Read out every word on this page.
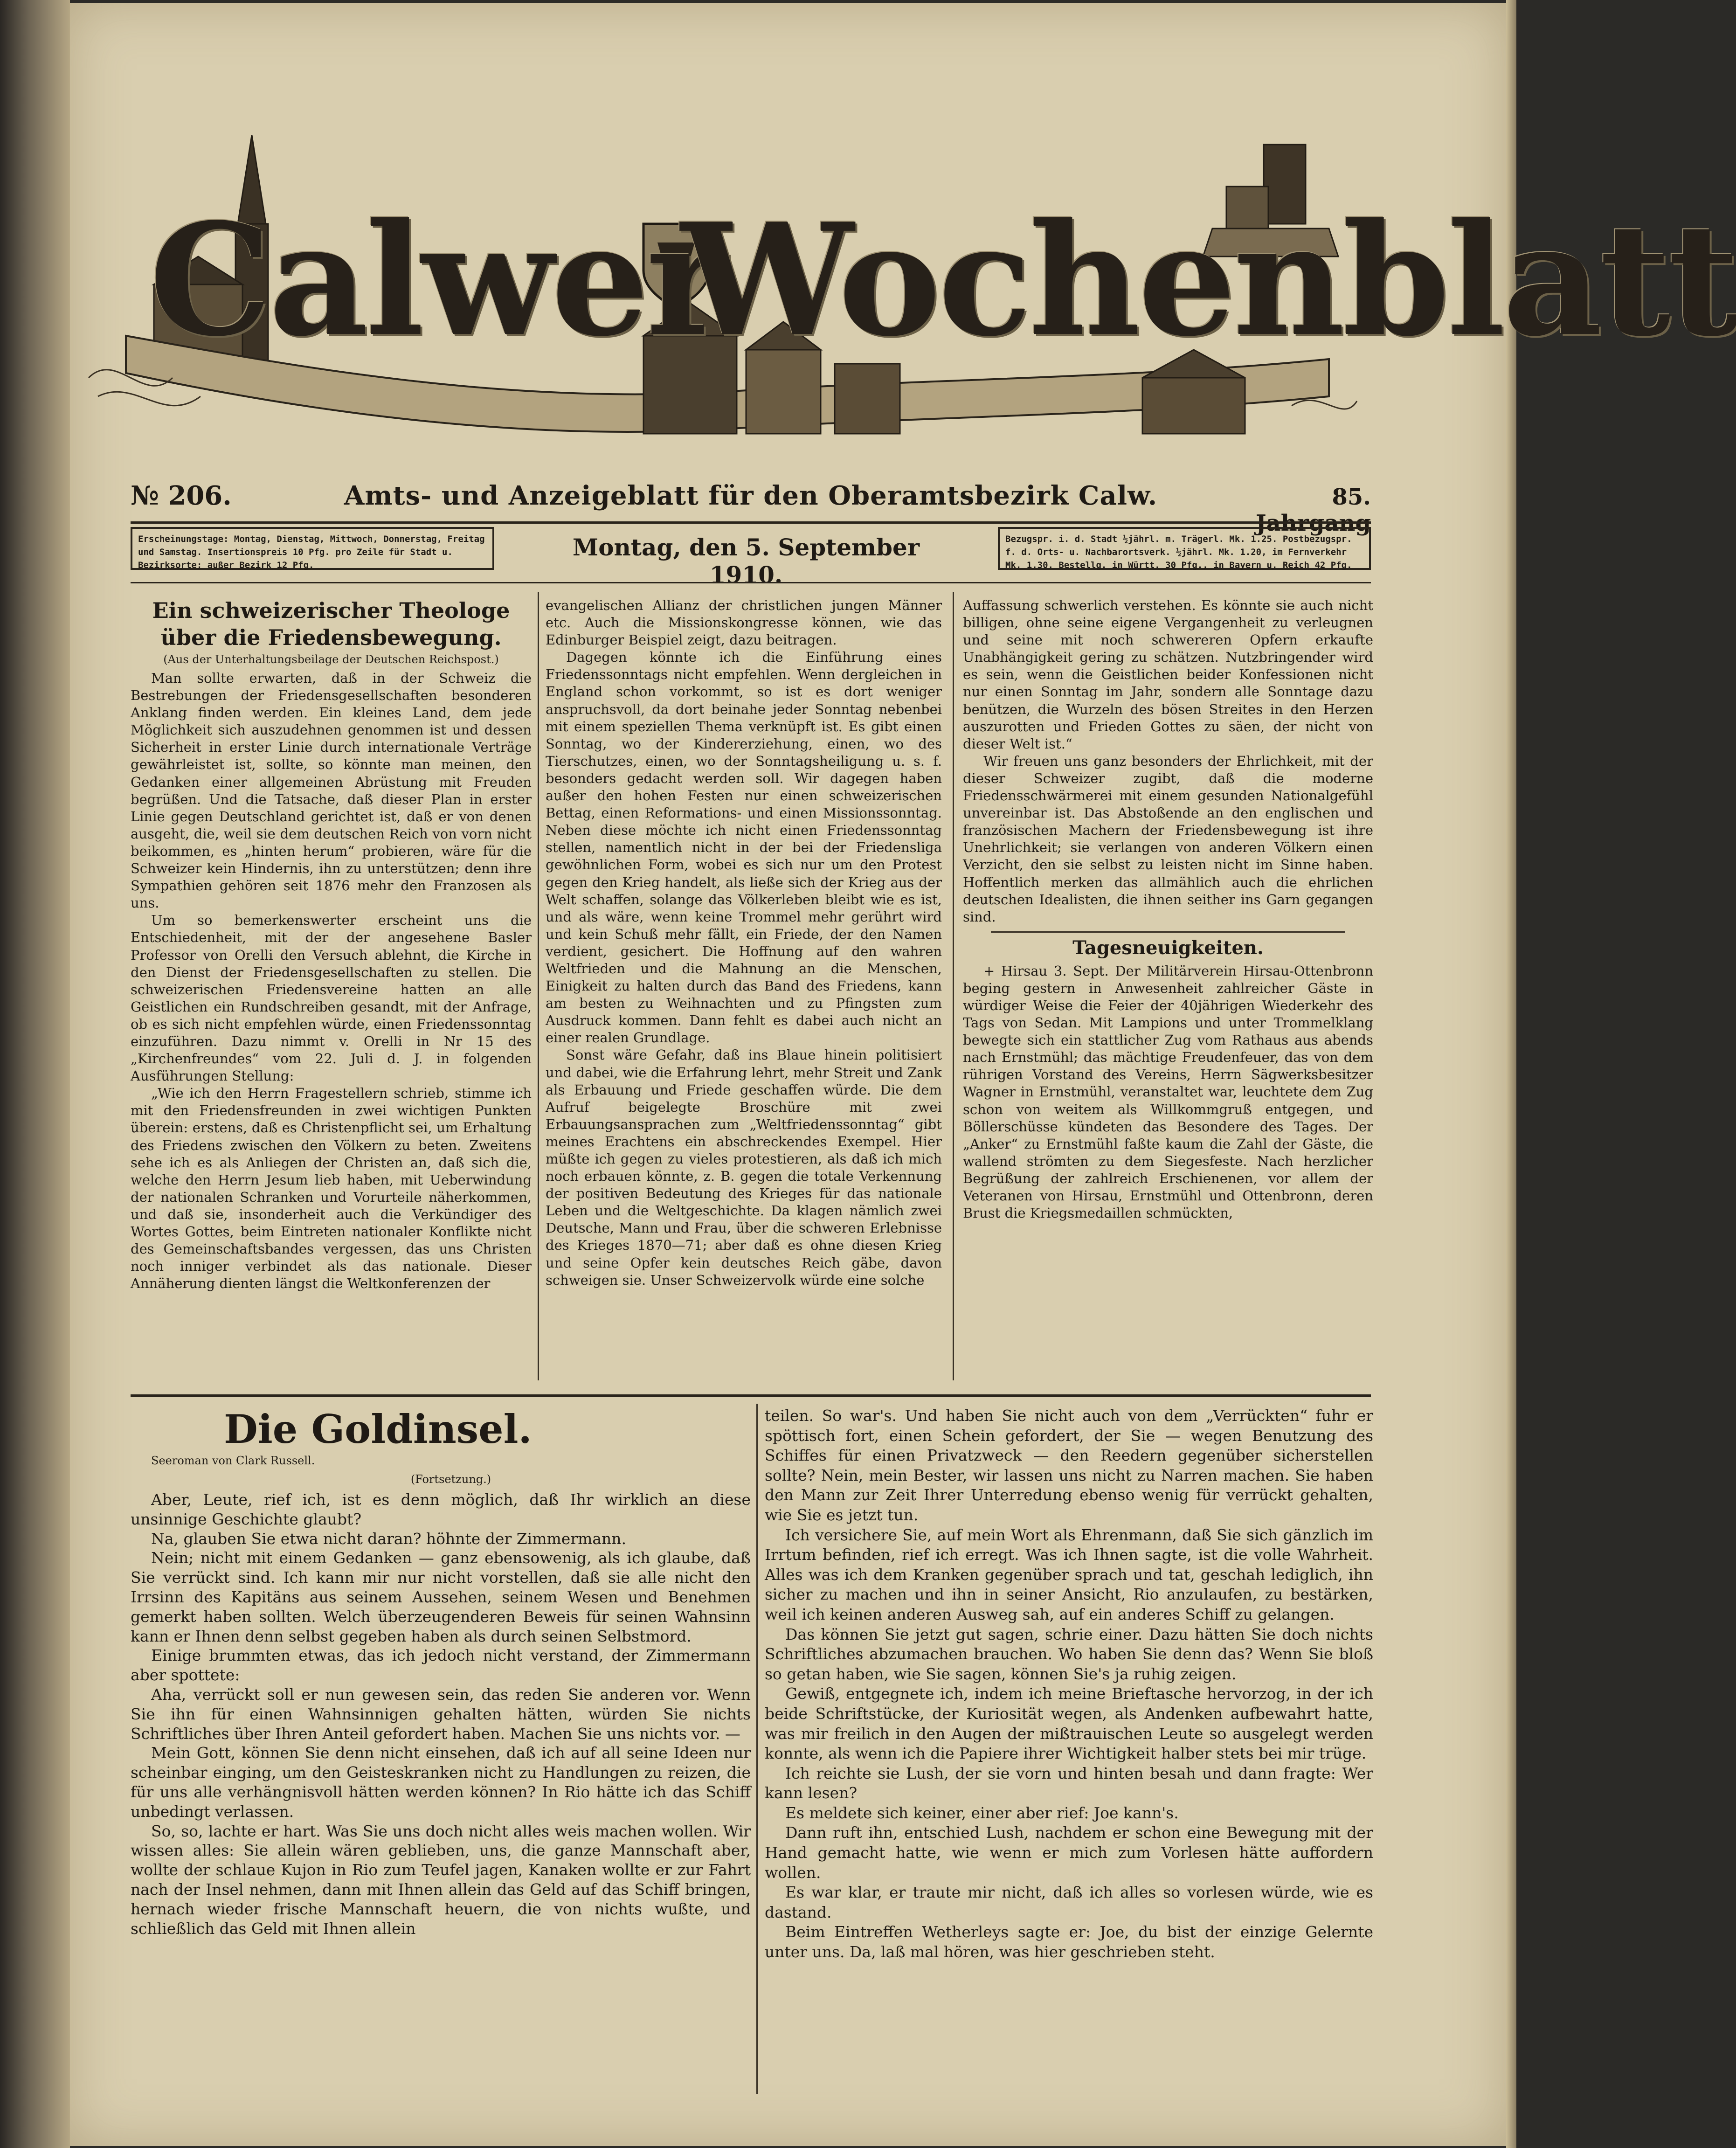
Calwer
Wochenblatt
№ 206.	Amts- und Anzeigeblatt für den Oberamtsbezirk Calw.	85. Jahrgang
Erscheinungstage: Montag, Dienstag, Mittwoch, Donnerstag, Freitag und Samstag. Insertionspreis 10 Pfg. pro Zeile für Stadt u. Bezirksorte; außer Bezirk 12 Pfg.
Montag, den 5. September 1910.
Bezugspr. i. d. Stadt ½jährl. m. Trägerl. Mk. 1.25. Postbezugspr. f. d. Orts- u. Nachbarortsverk. ½jährl. Mk. 1.20, im Fernverkehr Mk. 1.30. Bestellg. in Württ. 30 Pfg., in Bayern u. Reich 42 Pfg.
Ein schweizerischer Theologe über die Friedensbewegung.

(Aus der Unterhaltungsbeilage der Deutschen Reichspost.)

Man sollte erwarten, daß in der Schweiz die Bestrebungen der Friedensgesellschaften besonderen Anklang finden werden. Ein kleines Land, dem jede Möglichkeit sich auszudehnen genommen ist und dessen Sicherheit in erster Linie durch internationale Verträge gewährleistet ist, sollte, so könnte man meinen, den Gedanken einer allgemeinen Abrüstung mit Freuden begrüßen. Und die Tatsache, daß dieser Plan in erster Linie gegen Deutschland gerichtet ist, daß er von denen ausgeht, die, weil sie dem deutschen Reich von vorn nicht beikommen, es „hinten herum“ probieren, wäre für die Schweizer kein Hindernis, ihn zu unterstützen; denn ihre Sympathien gehören seit 1876 mehr den Franzosen als uns.

Um so bemerkenswerter erscheint uns die Entschiedenheit, mit der der angesehene Basler Professor von Orelli den Versuch ablehnt, die Kirche in den Dienst der Friedensgesellschaften zu stellen. Die schweizerischen Friedensvereine hatten an alle Geistlichen ein Rundschreiben gesandt, mit der Anfrage, ob es sich nicht empfehlen würde, einen Friedenssonntag einzuführen. Dazu nimmt v. Orelli in Nr 15 des „Kirchenfreundes“ vom 22. Juli d. J. in folgenden Ausführungen Stellung:

„Wie ich den Herrn Fragestellern schrieb, stimme ich mit den Friedensfreunden in zwei wichtigen Punkten überein: erstens, daß es Christenpflicht sei, um Erhaltung des Friedens zwischen den Völkern zu beten. Zweitens sehe ich es als Anliegen der Christen an, daß sich die, welche den Herrn Jesum lieb haben, mit Ueberwindung der nationalen Schranken und Vorurteile näherkommen, und daß sie, insonderheit auch die Verkündiger des Wortes Gottes, beim Eintreten nationaler Konflikte nicht des Gemeinschaftsbandes vergessen, das uns Christen noch inniger verbindet als das nationale. Dieser Annäherung dienten längst die Weltkonferenzen der

evangelischen Allianz der christlichen jungen Männer etc. Auch die Missionskongresse können, wie das Edinburger Beispiel zeigt, dazu beitragen.

Dagegen könnte ich die Einführung eines Friedenssonntags nicht empfehlen. Wenn dergleichen in England schon vorkommt, so ist es dort weniger anspruchsvoll, da dort beinahe jeder Sonntag nebenbei mit einem speziellen Thema verknüpft ist. Es gibt einen Sonntag, wo der Kindererziehung, einen, wo des Tierschutzes, einen, wo der Sonntagsheiligung u. s. f. besonders gedacht werden soll. Wir dagegen haben außer den hohen Festen nur einen schweizerischen Bettag, einen Reformations- und einen Missionssonntag. Neben diese möchte ich nicht einen Friedenssonntag stellen, namentlich nicht in der bei der Friedensliga gewöhnlichen Form, wobei es sich nur um den Protest gegen den Krieg handelt, als ließe sich der Krieg aus der Welt schaffen, solange das Völkerleben bleibt wie es ist, und als wäre, wenn keine Trommel mehr gerührt wird und kein Schuß mehr fällt, ein Friede, der den Namen verdient, gesichert. Die Hoffnung auf den wahren Weltfrieden und die Mahnung an die Menschen, Einigkeit zu halten durch das Band des Friedens, kann am besten zu Weihnachten und zu Pfingsten zum Ausdruck kommen. Dann fehlt es dabei auch nicht an einer realen Grundlage.

Sonst wäre Gefahr, daß ins Blaue hinein politisiert und dabei, wie die Erfahrung lehrt, mehr Streit und Zank als Erbauung und Friede geschaffen würde. Die dem Aufruf beigelegte Broschüre mit zwei Erbauungsansprachen zum „Weltfriedenssonntag“ gibt meines Erachtens ein abschreckendes Exempel. Hier müßte ich gegen zu vieles protestieren, als daß ich mich noch erbauen könnte, z. B. gegen die totale Verkennung der positiven Bedeutung des Krieges für das nationale Leben und die Weltgeschichte. Da klagen nämlich zwei Deutsche, Mann und Frau, über die schweren Erlebnisse des Krieges 1870—71; aber daß es ohne diesen Krieg und seine Opfer kein deutsches Reich gäbe, davon schweigen sie. Unser Schweizervolk würde eine solche

Auffassung schwerlich verstehen. Es könnte sie auch nicht billigen, ohne seine eigene Vergangenheit zu verleugnen und seine mit noch schwereren Opfern erkaufte Unabhängigkeit gering zu schätzen. Nutzbringender wird es sein, wenn die Geistlichen beider Konfessionen nicht nur einen Sonntag im Jahr, sondern alle Sonntage dazu benützen, die Wurzeln des bösen Streites in den Herzen auszurotten und Frieden Gottes zu säen, der nicht von dieser Welt ist.“

Wir freuen uns ganz besonders der Ehrlichkeit, mit der dieser Schweizer zugibt, daß die moderne Friedensschwärmerei mit einem gesunden Nationalgefühl unvereinbar ist. Das Abstoßende an den englischen und französischen Machern der Friedensbewegung ist ihre Unehrlichkeit; sie verlangen von anderen Völkern einen Verzicht, den sie selbst zu leisten nicht im Sinne haben. Hoffentlich merken das allmählich auch die ehrlichen deutschen Idealisten, die ihnen seither ins Garn gegangen sind.

Tagesneuigkeiten.

+ Hirsau 3. Sept. Der Militärverein Hirsau-Ottenbronn beging gestern in Anwesenheit zahlreicher Gäste in würdiger Weise die Feier der 40jährigen Wiederkehr des Tags von Sedan. Mit Lampions und unter Trommelklang bewegte sich ein stattlicher Zug vom Rathaus aus abends nach Ernstmühl; das mächtige Freudenfeuer, das von dem rührigen Vorstand des Vereins, Herrn Sägwerksbesitzer Wagner in Ernstmühl, veranstaltet war, leuchtete dem Zug schon von weitem als Willkommgruß entgegen, und Böllerschüsse kündeten das Besondere des Tages. Der „Anker“ zu Ernstmühl faßte kaum die Zahl der Gäste, die wallend strömten zu dem Siegesfeste. Nach herzlicher Begrüßung der zahlreich Erschienenen, vor allem der Veteranen von Hirsau, Ernstmühl und Ottenbronn, deren Brust die Kriegsmedaillen schmückten,

Die Goldinsel.

Seeroman von Clark Russell.

(Fortsetzung.)

Aber, Leute, rief ich, ist es denn möglich, daß Ihr wirklich an diese unsinnige Geschichte glaubt?

Na, glauben Sie etwa nicht daran? höhnte der Zimmermann.

Nein; nicht mit einem Gedanken — ganz ebensowenig, als ich glaube, daß Sie verrückt sind. Ich kann mir nur nicht vorstellen, daß sie alle nicht den Irrsinn des Kapitäns aus seinem Aussehen, seinem Wesen und Benehmen gemerkt haben sollten. Welch überzeugenderen Beweis für seinen Wahnsinn kann er Ihnen denn selbst gegeben haben als durch seinen Selbstmord.

Einige brummten etwas, das ich jedoch nicht verstand, der Zimmermann aber spottete:

Aha, verrückt soll er nun gewesen sein, das reden Sie anderen vor. Wenn Sie ihn für einen Wahnsinnigen gehalten hätten, würden Sie nichts Schriftliches über Ihren Anteil gefordert haben. Machen Sie uns nichts vor. —

Mein Gott, können Sie denn nicht einsehen, daß ich auf all seine Ideen nur scheinbar einging, um den Geisteskranken nicht zu Handlungen zu reizen, die für uns alle verhängnisvoll hätten werden können? In Rio hätte ich das Schiff unbedingt verlassen.

So, so, lachte er hart. Was Sie uns doch nicht alles weis machen wollen. Wir wissen alles: Sie allein wären geblieben, uns, die ganze Mannschaft aber, wollte der schlaue Kujon in Rio zum Teufel jagen, Kanaken wollte er zur Fahrt nach der Insel nehmen, dann mit Ihnen allein das Geld auf das Schiff bringen, hernach wieder frische Mannschaft heuern, die von nichts wußte, und schließlich das Geld mit Ihnen allein

teilen. So war's. Und haben Sie nicht auch von dem „Verrückten“ fuhr er spöttisch fort, einen Schein gefordert, der Sie — wegen Benutzung des Schiffes für einen Privatzweck — den Reedern gegenüber sicherstellen sollte? Nein, mein Bester, wir lassen uns nicht zu Narren machen. Sie haben den Mann zur Zeit Ihrer Unterredung ebenso wenig für verrückt gehalten, wie Sie es jetzt tun.

Ich versichere Sie, auf mein Wort als Ehrenmann, daß Sie sich gänzlich im Irrtum befinden, rief ich erregt. Was ich Ihnen sagte, ist die volle Wahrheit. Alles was ich dem Kranken gegenüber sprach und tat, geschah lediglich, ihn sicher zu machen und ihn in seiner Ansicht, Rio anzulaufen, zu bestärken, weil ich keinen anderen Ausweg sah, auf ein anderes Schiff zu gelangen.

Das können Sie jetzt gut sagen, schrie einer. Dazu hätten Sie doch nichts Schriftliches abzumachen brauchen. Wo haben Sie denn das? Wenn Sie bloß so getan haben, wie Sie sagen, können Sie's ja ruhig zeigen.

Gewiß, entgegnete ich, indem ich meine Brieftasche hervorzog, in der ich beide Schriftstücke, der Kuriosität wegen, als Andenken aufbewahrt hatte, was mir freilich in den Augen der mißtrauischen Leute so ausgelegt werden konnte, als wenn ich die Papiere ihrer Wichtigkeit halber stets bei mir trüge.

Ich reichte sie Lush, der sie vorn und hinten besah und dann fragte: Wer kann lesen?

Es meldete sich keiner, einer aber rief: Joe kann's.

Dann ruft ihn, entschied Lush, nachdem er schon eine Bewegung mit der Hand gemacht hatte, wie wenn er mich zum Vorlesen hätte auffordern wollen.

Es war klar, er traute mir nicht, daß ich alles so vorlesen würde, wie es dastand.

Beim Eintreffen Wetherleys sagte er: Joe, du bist der einzige Gelernte unter uns. Da, laß mal hören, was hier geschrieben steht.
